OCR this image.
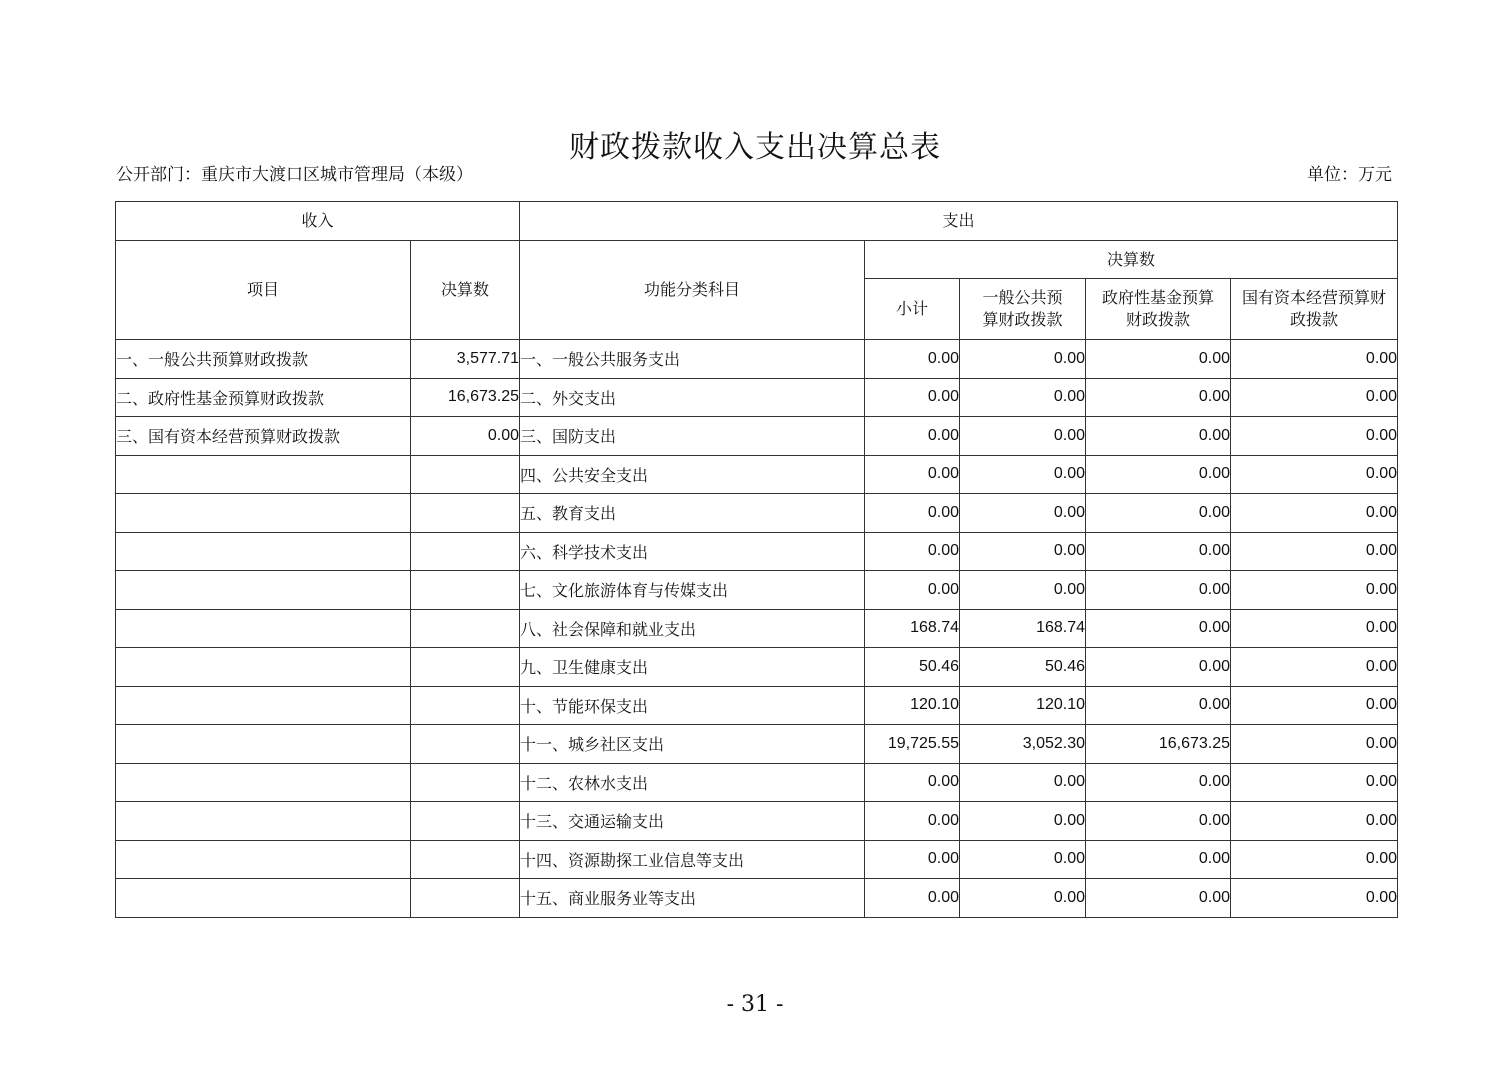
财政拨款收入支出决算总表
公开部门：重庆市大渡口区城市管理局（本级）	单位：万元
收入		支出				
项目	决算数	功能分类科目	决算数			
			小计	一般公共预算财政拨款	政府性基金预算财政拨款	国有资本经营预算财政拨款

一、一般公共预算财政拨款	3,577.71	一、一般公共服务支出	0.00	0.00	0.00	0.00
二、政府性基金预算财政拨款	16,673.25	二、外交支出	0.00	0.00	0.00	0.00
三、国有资本经营预算财政拨款	0.00	三、国防支出	0.00	0.00	0.00	0.00
		四、公共安全支出	0.00	0.00	0.00	0.00
		五、教育支出	0.00	0.00	0.00	0.00
		六、科学技术支出	0.00	0.00	0.00	0.00
		七、文化旅游体育与传媒支出	0.00	0.00	0.00	0.00
		八、社会保障和就业支出	168.74	168.74	0.00	0.00
		九、卫生健康支出	50.46	50.46	0.00	0.00
		十、节能环保支出	120.10	120.10	0.00	0.00
		十一、城乡社区支出	19,725.55	3,052.30	16,673.25	0.00
		十二、农林水支出	0.00	0.00	0.00	0.00
		十三、交通运输支出	0.00	0.00	0.00	0.00
		十四、资源勘探工业信息等支出	0.00	0.00	0.00	0.00
		十五、商业服务业等支出	0.00	0.00	0.00	0.00
- 31 -
